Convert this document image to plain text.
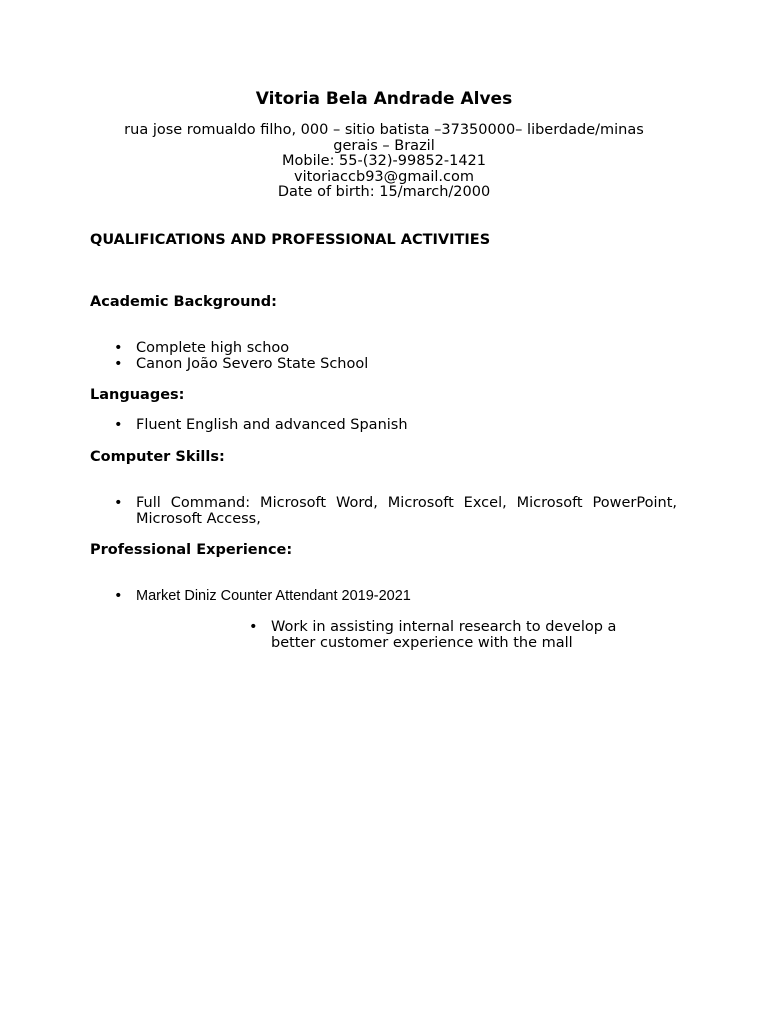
Vitoria Bela Andrade Alves
rua jose romualdo filho, 000 – sitio batista –37350000– liberdade/minas
gerais – Brazil
Mobile: 55-(32)-99852-1421
vitoriaccb93@gmail.com
Date of birth: 15/march/2000
QUALIFICATIONS AND PROFESSIONAL ACTIVITIES
Academic Background:
• Complete high schoo
• Canon João Severo State School
Languages:
• Fluent English and advanced Spanish
Computer Skills:
• Full Command: Microsoft Word, Microsoft Excel, Microsoft PowerPoint, Microsoft Access,
Professional Experience:
• Market Diniz Counter Attendant 2019-2021
• Work in assisting internal research to develop a better customer experience with the mall
